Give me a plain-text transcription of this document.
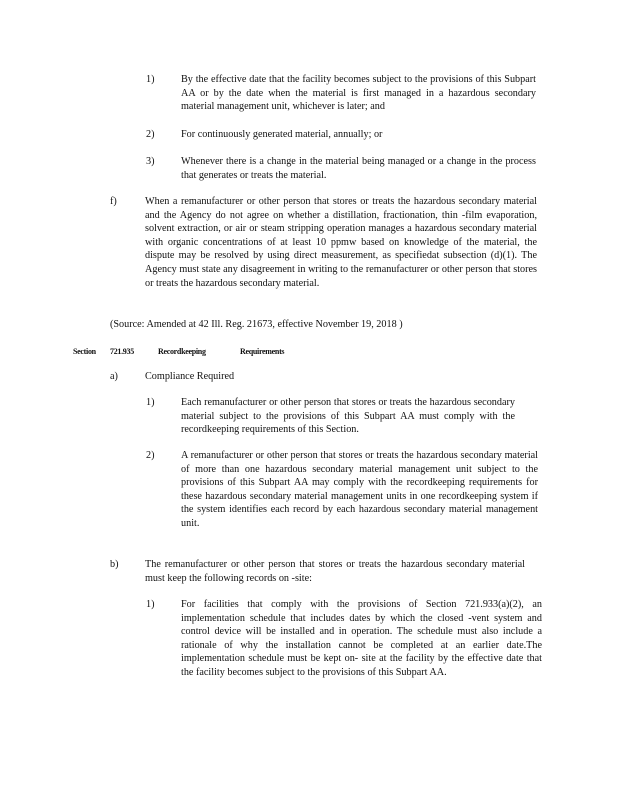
1)	By the effective date that the facility becomes subject to the provisions of this Subpart AA or by the date when the material is first managed in a hazardous secondary material management unit, whichever is later; and
2)	For continuously generated material, annually; or
3)	Whenever there is a change in the material being managed or a change in the process that generates or treats the material.
f)	When a remanufacturer or other person that stores or treats the hazardous secondary material and the Agency do not agree on whether a distillation, fractionation, thin -film evaporation, solvent extraction, or air or steam stripping operation manages a hazardous secondary material with organic concentrations of at least 10 ppmw based on knowledge of the material, the dispute may be resolved by using direct measurement, as specifiedat subsection (d)(1). The Agency must state any disagreement in writing to the remanufacturer or other person that stores or treats the hazardous secondary material.
(Source: Amended at 42 Ill. Reg. 21673, effective November 19, 2018 )
Section 721.935	Recordkeeping	Requirements
a)	Compliance Required
1)	Each remanufacturer or other person that stores or treats the hazardous secondary material subject to the provisions of this Subpart AA must comply with the recordkeeping requirements of this Section.
2)	A remanufacturer or other person that stores or treats the hazardous secondary material of more than one hazardous secondary material management unit subject to the provisions of this Subpart AA may comply with the recordkeeping requirements for these hazardous secondary material management units in one recordkeeping system if the system identifies each record by each hazardous secondary material management unit.
b)	The remanufacturer or other person that stores or treats the hazardous secondary material must keep the following records on -site:
1)	For facilities that comply with the provisions of Section 721.933(a)(2), an implementation schedule that includes dates by which the closed -vent system and control device will be installed and in operation. The schedule must also include a rationale of why the installation cannot be completed at an earlier date.The implementation schedule must be kept on- site at the facility by the effective date that the facility becomes subject to the provisions of this Subpart AA.
